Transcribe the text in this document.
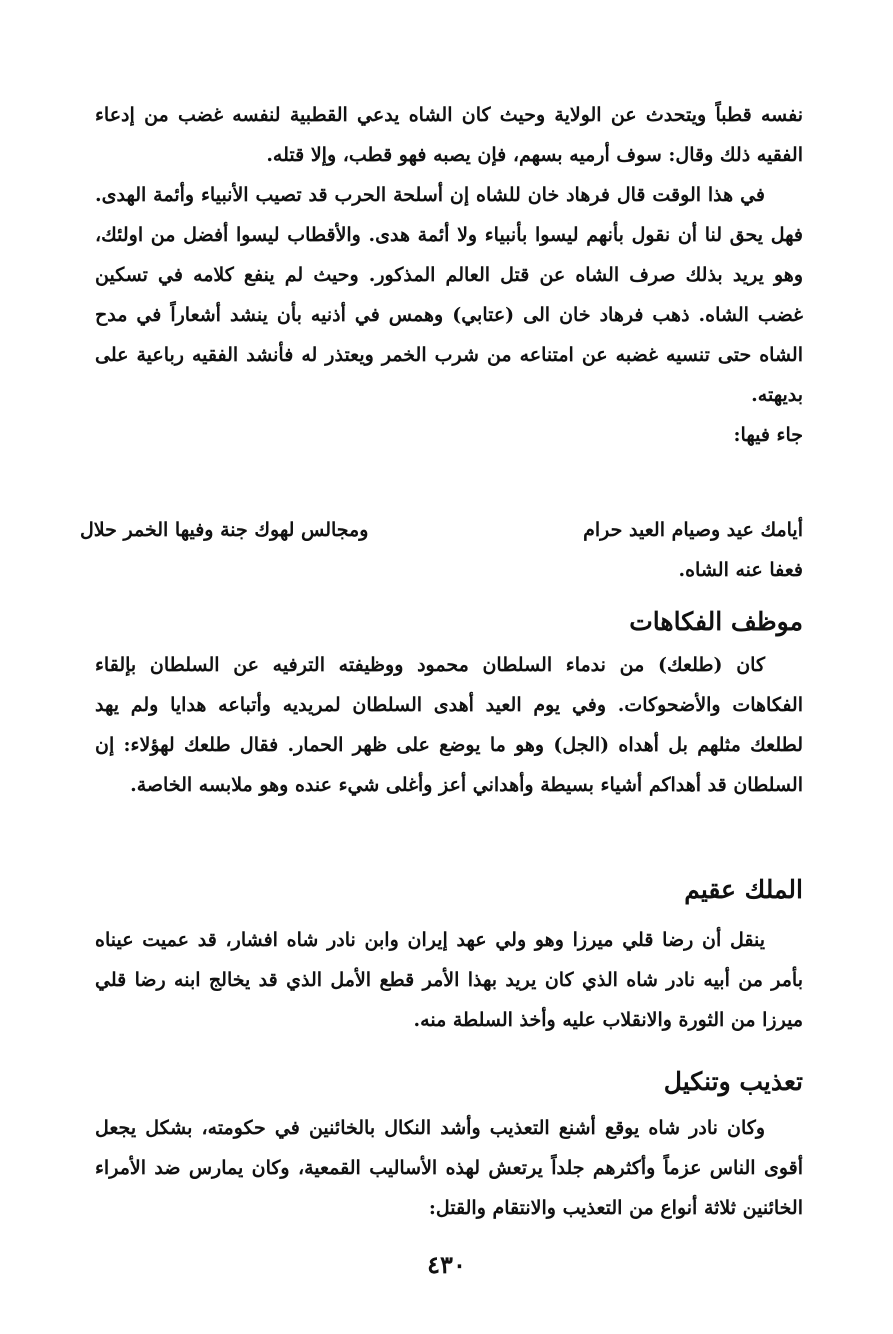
نفسه قطباً ويتحدث عن الولاية وحيث كان الشاه يدعي القطبية لنفسه غضب من إدعاء الفقيه ذلك وقال: سوف أرميه بسهم، فإن يصبه فهو قطب، وإلا قتله.

في هذا الوقت قال فرهاد خان للشاه إن أسلحة الحرب قد تصيب الأنبياء وأئمة الهدى. فهل يحق لنا أن نقول بأنهم ليسوا بأنبياء ولا أئمة هدى. والأقطاب ليسوا أفضل من اولئك، وهو يريد بذلك صرف الشاه عن قتل العالم المذكور. وحيث لم ينفع كلامه في تسكين غضب الشاه. ذهب فرهاد خان الى (عتابي) وهمس في أذنيه بأن ينشد أشعاراً في مدح الشاه حتى تنسيه غضبه عن امتناعه من شرب الخمر ويعتذر له فأنشد الفقيه رباعية على بديهته.

جاء فيها:

أيامك عيد وصيام العيد حرام
ومجالس لهوك جنة وفيها الخمر حلال

فعفا عنه الشاه.

موظف الفكاهات

كان (طلعك) من ندماء السلطان محمود ووظيفته الترفيه عن السلطان بإلقاء الفكاهات والأضحوكات. وفي يوم العيد أهدى السلطان لمريديه وأتباعه هدايا ولم يهد لطلعك مثلهم بل أهداه (الجل) وهو ما يوضع على ظهر الحمار. فقال طلعك لهؤلاء: إن السلطان قد أهداكم أشياء بسيطة وأهداني أعز وأغلى شيء عنده وهو ملابسه الخاصة.

الملك عقيم

ينقل أن رضا قلي ميرزا وهو ولي عهد إيران وابن نادر شاه افشار، قد عميت عيناه بأمر من أبيه نادر شاه الذي كان يريد بهذا الأمر قطع الأمل الذي قد يخالج ابنه رضا قلي ميرزا من الثورة والانقلاب عليه وأخذ السلطة منه.

تعذيب وتنكيل

وكان نادر شاه يوقع أشنع التعذيب وأشد النكال بالخائنين في حكومته، بشكل يجعل أقوى الناس عزماً وأكثرهم جلداً يرتعش لهذه الأساليب القمعية، وكان يمارس ضد الأمراء الخائنين ثلاثة أنواع من التعذيب والانتقام والقتل:

٤٣٠
